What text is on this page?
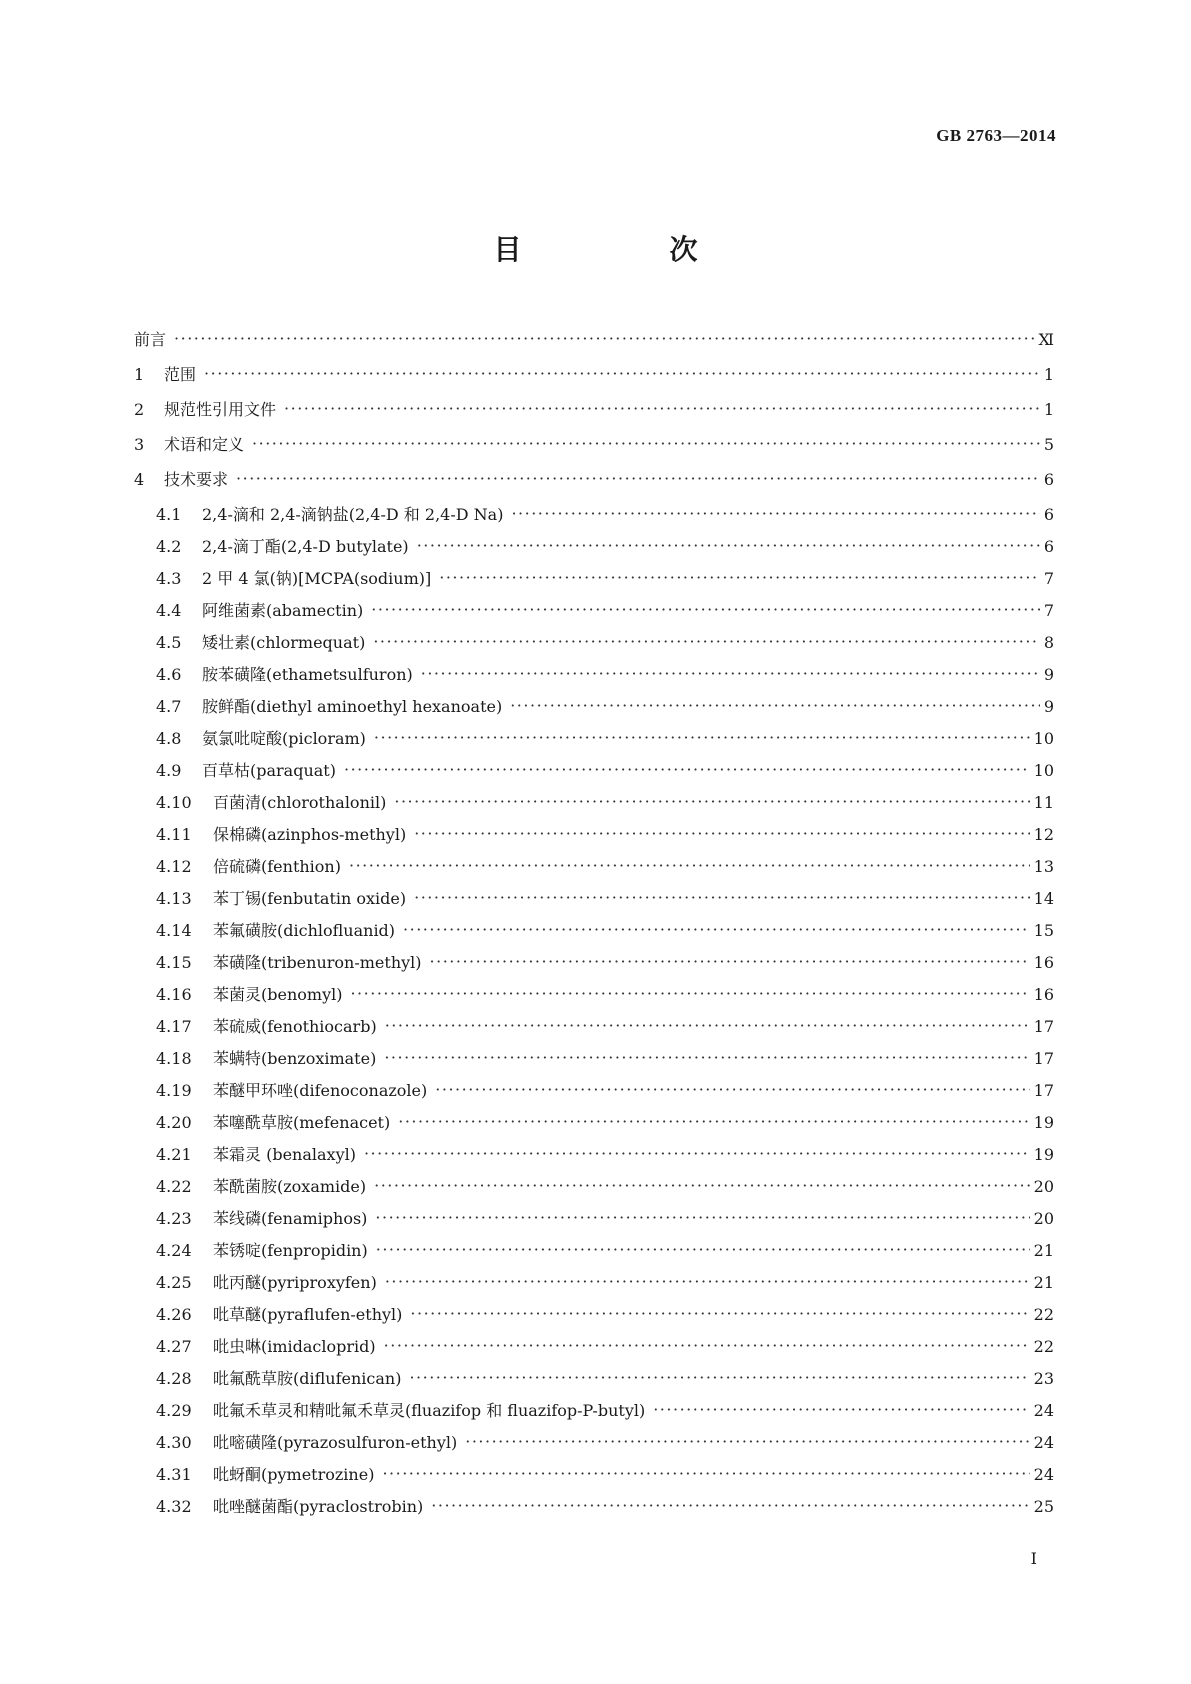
GB 2763—2014
目　次
前言 ·····	Ⅺ
1	范围 ·····	1
2	规范性引用文件 ·····	1
3	术语和定义 ·····	5
4	技术要求 ·····	6
4.1	2,4-滴和 2,4-滴钠盐(2,4-D 和 2,4-D Na) ·····	6
4.2	2,4-滴丁酯(2,4-D butylate) ·····	6
4.3	2 甲 4 氯(钠)[MCPA(sodium)] ·····	7
4.4	阿维菌素(abamectin) ·····	7
4.5	矮壮素(chlormequat) ·····	8
4.6	胺苯磺隆(ethametsulfuron) ·····	9
4.7	胺鲜酯(diethyl aminoethyl hexanoate) ·····	9
4.8	氨氯吡啶酸(picloram) ·····	10
4.9	百草枯(paraquat) ·····	10
4.10	百菌清(chlorothalonil) ·····	11
4.11	保棉磷(azinphos-methyl) ·····	12
4.12	倍硫磷(fenthion) ·····	13
4.13	苯丁锡(fenbutatin oxide) ·····	14
4.14	苯氟磺胺(dichlofluanid) ·····	15
4.15	苯磺隆(tribenuron-methyl) ·····	16
4.16	苯菌灵(benomyl) ·····	16
4.17	苯硫威(fenothiocarb) ·····	17
4.18	苯螨特(benzoximate) ·····	17
4.19	苯醚甲环唑(difenoconazole) ·····	17
4.20	苯噻酰草胺(mefenacet) ·····	19
4.21	苯霜灵 (benalaxyl) ·····	19
4.22	苯酰菌胺(zoxamide) ·····	20
4.23	苯线磷(fenamiphos) ·····	20
4.24	苯锈啶(fenpropidin) ·····	21
4.25	吡丙醚(pyriproxyfen) ·····	21
4.26	吡草醚(pyraflufen-ethyl) ·····	22
4.27	吡虫啉(imidacloprid) ·····	22
4.28	吡氟酰草胺(diflufenican) ·····	23
4.29	吡氟禾草灵和精吡氟禾草灵(fluazifop 和 fluazifop-P-butyl) ·····	24
4.30	吡嘧磺隆(pyrazosulfuron-ethyl) ·····	24
4.31	吡蚜酮(pymetrozine) ·····	24
4.32	吡唑醚菌酯(pyraclostrobin) ·····	25
I
